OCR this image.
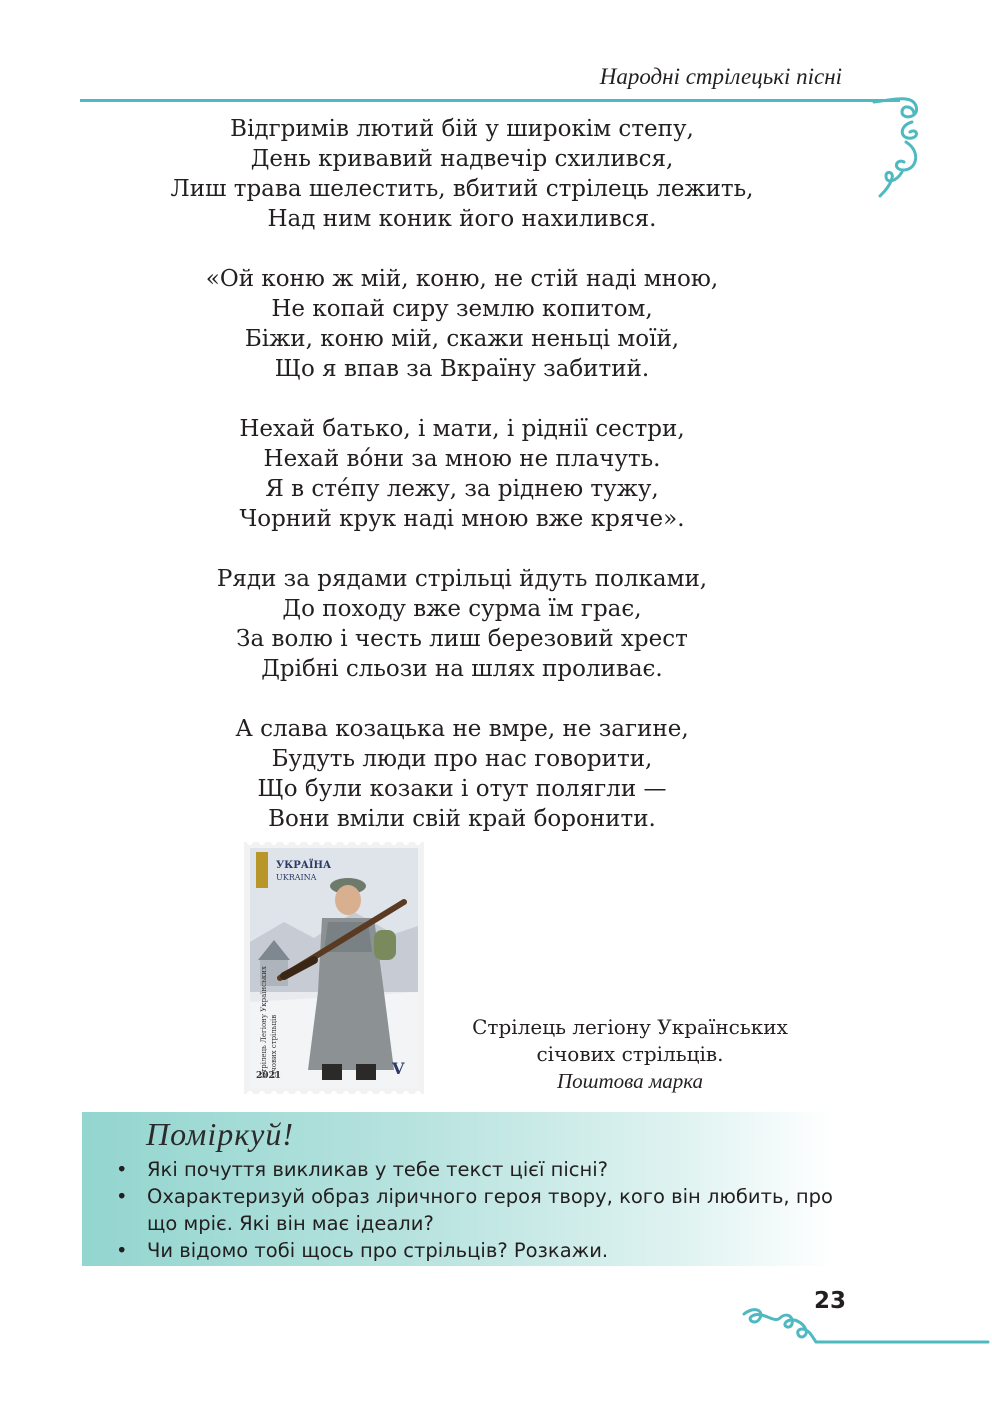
Народні стрілецькі пісні
Відгримів лютий бій у широкім степу,
День кривавий надвечір схилився,
Лиш трава шелестить, вбитий стрілець лежить,
Над ним коник його нахилився.
«Ой коню ж мій, коню, не стій наді мною,
Не копай сиру землю копитом,
Біжи, коню мій, скажи неньці моїй,
Що я впав за Вкраїну забитий.
Нехай батько, і мати, і ріднії сестри,
Нехай во́ни за мною не плачуть.
Я в сте́пу лежу, за ріднею тужу,
Чорний крук наді мною вже кряче».
Ряди за рядами стрільці йдуть полками,
До походу вже сурма їм грає,
За волю і честь лиш березовий хрест
Дрібні сльози на шлях проливає.
А слава козацька не вмре, не загине,
Будуть люди про нас говорити,
Що були козаки і отут полягли —
Вони вміли свій край боронити.
УКРАЇНА
UKRAINA
Стрілець Легіону Українських січових стрільців
2021	V
Стрілець легіону Українських
січових стрільців.
Поштова марка
Поміркуй!
• Які почуття викликав у тебе текст цієї пісні?
• Охарактеризуй образ ліричного героя твору, кого він любить, про що мріє. Які він має ідеали?
• Чи відомо тобі щось про стрільців? Розкажи.
23
